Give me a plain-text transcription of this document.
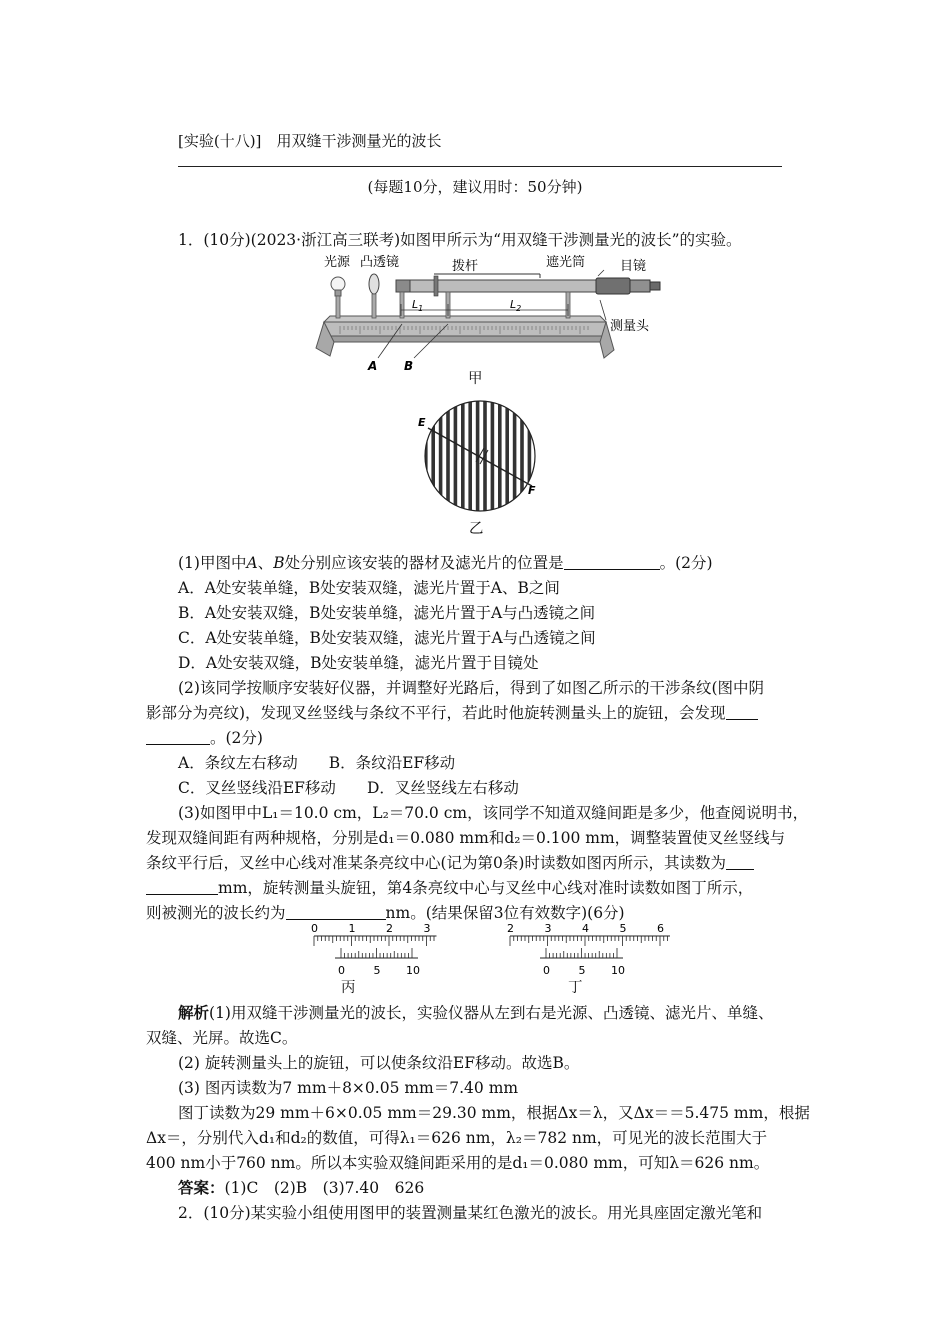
[实验(十八)]　 用双缝干涉测量光的波长
(每题10分，建议用时：50分钟)
1．(10分)(2023·浙江高三联考)如图甲所示为“用双缝干涉测量光的波长”的实验。
光源 凸透镜	拨杆	遮光筒	目镜
测量头
A B
$L_1$	$L_2$
甲
E
F
乙
(1)甲图中A、B处分别应该安装的器材及滤光片的位置是	。(2分)
A．A处安装单缝，B处安装双缝，滤光片置于A、B之间
B．A处安装双缝，B处安装单缝，滤光片置于A与凸透镜之间
C．A处安装单缝，B处安装双缝，滤光片置于A与凸透镜之间
D．A处安装双缝，B处安装单缝，滤光片置于目镜处
(2)该同学按顺序安装好仪器，并调整好光路后，得到了如图乙所示的干涉条纹(图中阴
影部分为亮纹)，发现叉丝竖线与条纹不平行，若此时他旋转测量头上的旋钮，会发现
。(2分)
A．条纹左右移动　　 B．条纹沿EF移动
C．叉丝竖线沿EF移动　　 D．叉丝竖线左右移动
(3)如图甲中L₁＝10.0 cm，L₂＝70.0 cm，该同学不知道双缝间距是多少，他查阅说明书，
发现双缝间距有两种规格，分别是d₁＝0.080 mm和d₂＝0.100 mm，调整装置使叉丝竖线与
条纹平行后，叉丝中心线对准某条亮纹中心(记为第0条)时读数如图丙所示，其读数为
mm，旋转测量头旋钮，第4条亮纹中心与叉丝中心线对准时读数如图丁所示，
则被测光的波长约为	nm。(结果保留3位有效数字)(6分)
0	1	2	3
0	5 10
2	3	4	5	6
0	5 10
丙	丁
解析(1)用双缝干涉测量光的波长，实验仪器从左到右是光源、凸透镜、滤光片、单缝、
双缝、光屏。故选C。
(2) 旋转测量头上的旋钮，可以使条纹沿EF移动。故选B。
(3) 图丙读数为7 mm＋8×0.05 mm＝7.40 mm
图丁读数为29 mm＋6×0.05 mm＝29.30 mm，根据Δx＝λ，又Δx＝＝5.475 mm，根据
Δx＝，分别代入d₁和d₂的数值，可得λ₁＝626 nm，λ₂＝782 nm，可见光的波长范围大于
400 nm小于760 nm。所以本实验双缝间距采用的是d₁＝0.080 mm，可知λ＝626 nm。
答案：(1)C　(2)B　(3)7.40　626
2．(10分)某实验小组使用图甲的装置测量某红色激光的波长。用光具座固定激光笔和
